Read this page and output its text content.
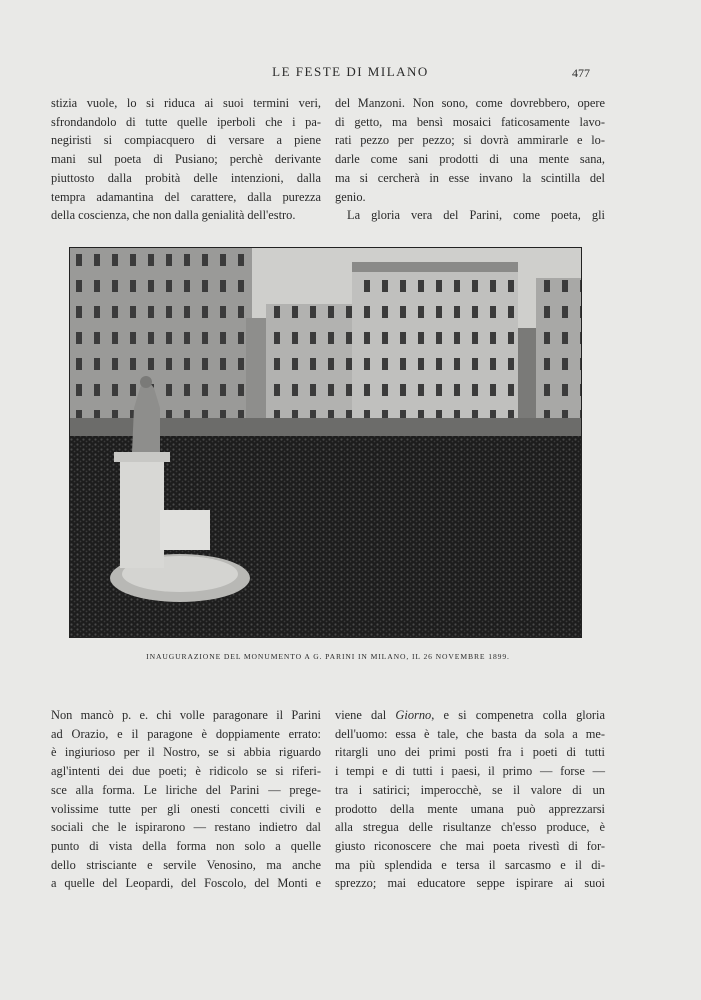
LE FESTE DI MILANO	477
stizia vuole, lo si riduca ai suoi termini veri,
sfrondandolo di tutte quelle iperboli che i pa-
negiristi si compiacquero di versare a piene
mani sul poeta di Pusiano; perchè derivante
piuttosto dalla probità delle intenzioni, dalla
tempra adamantina del carattere, dalla purezza
della coscienza, che non dalla genialità dell'estro.
del Manzoni. Non sono, come dovrebbero, opere
di getto, ma bensì mosaici faticosamente lavo-
rati pezzo per pezzo; si dovrà ammirarle e lo-
darle come sani prodotti di una mente sana,
ma si cercherà in esse invano la scintilla del
genio.
La gloria vera del Parini, come poeta, gli
INAUGURAZIONE DEL MONUMENTO A G. PARINI IN MILANO, IL 26 NOVEMBRE 1899.
Non mancò p. e. chi volle paragonare il Parini
ad Orazio, e il paragone è doppiamente errato:
è ingiurioso per il Nostro, se si abbia riguardo
agl'intenti dei due poeti; è ridicolo se si riferi-
sce alla forma. Le liriche del Parini — prege-
volissime tutte per gli onesti concetti civili e
sociali che le ispirarono — restano indietro dal
punto di vista della forma non solo a quelle
dello strisciante e servile Venosino, ma anche
a quelle del Leopardi, del Foscolo, del Monti e
viene dal Giorno, e si compenetra colla gloria
dell'uomo: essa è tale, che basta da sola a me-
ritargli uno dei primi posti fra i poeti di tutti
i tempi e di tutti i paesi, il primo — forse —
tra i satirici; imperocchè, se il valore di un
prodotto della mente umana può apprezzarsi
alla stregua delle risultanze ch'esso produce, è
giusto riconoscere che mai poeta rivestì di for-
ma più splendida e tersa il sarcasmo e il di-
sprezzo; mai educatore seppe ispirare ai suoi
